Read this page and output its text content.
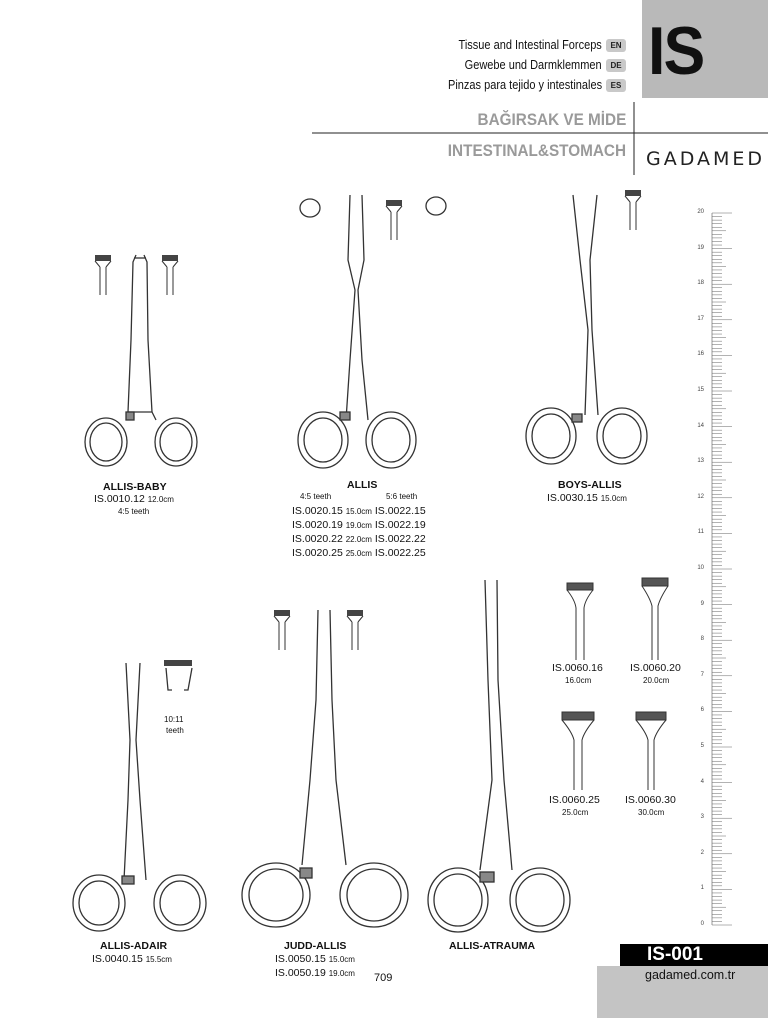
IS
Tissue and Intestinal Forceps	EN
Gewebe und Darmklemmen	DE
Pinzas para tejido y intestinales	ES
BAĞIRSAK VE MİDE
INTESTINAL&STOMACH GADAMED
ALLIS-BABY
IS.0010.12 12.0cm
4:5 teeth
ALLIS
4:5 teeth	5:6 teeth
IS.0020.15 15.0cm IS.0022.15
IS.0020.19 19.0cm IS.0022.19
IS.0020.22 22.0cm IS.0022.22
IS.0020.25 25.0cm IS.0022.25
BOYS-ALLIS
IS.0030.15 15.0cm
10:11
teeth
ALLIS-ADAIR
IS.0040.15 15.5cm
JUDD-ALLIS
IS.0050.15 15.0cm
IS.0050.19 19.0cm
ALLIS-ATRAUMA
IS.0060.16
16.0cm
IS.0060.20
20.0cm
IS.0060.25
25.0cm
IS.0060.30
30.0cm
20
19
18
17
16
15
14
13
12
11
10
9
8
7
6
5
4
3
2
1
0
IS-001
gadamed.com.tr
709
